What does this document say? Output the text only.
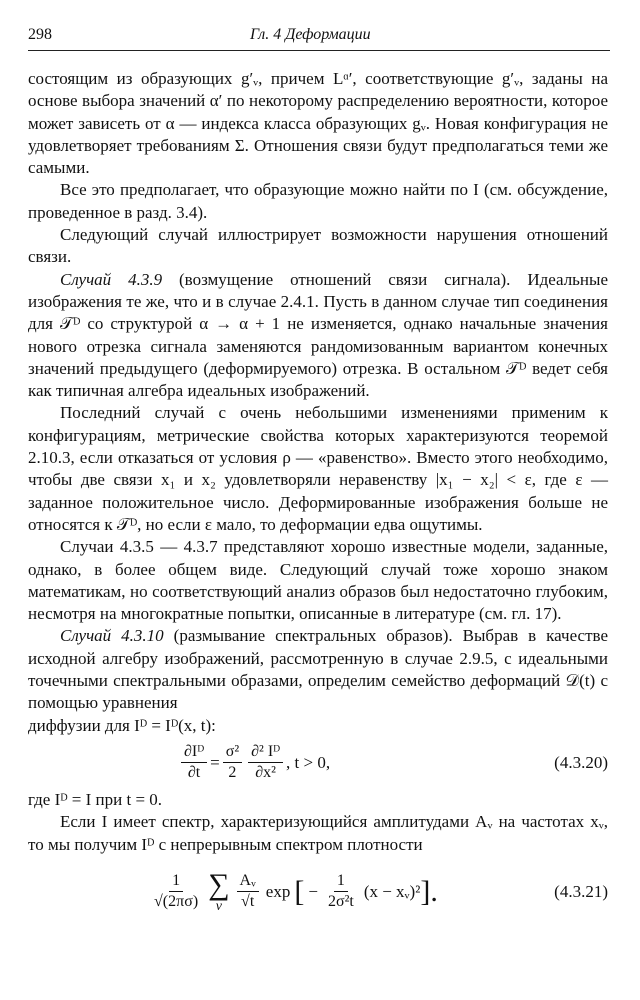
298	Гл. 4 Деформации

состоящим из образующих g′ᵥ, причем Lᵅ′, соответствующие g′ᵥ, заданы на основе выбора значений α′ по некоторому распределению вероятности, которое может зависеть от α — индекса класса образующих gᵥ. Новая конфигурация не удовлетворяет требованиям Σ. Отношения связи будут предполагаться теми же самыми.

Все это предполагает, что образующие можно найти по I (см. обсуждение, проведенное в разд. 3.4).

Следующий случай иллюстрирует возможности нарушения отношений связи.

Случай 4.3.9 (возмущение отношений связи сигнала). Идеальные изображения те же, что и в случае 2.4.1. Пусть в данном случае тип соединения для 𝒯ᴰ со структурой α → α + 1 не изменяется, однако начальные значения нового отрезка сигнала заменяются рандомизованным вариантом конечных значений предыдущего (деформируемого) отрезка. В остальном 𝒯ᴰ ведет себя как типичная алгебра идеальных изображений.

Последний случай с очень небольшими изменениями применим к конфигурациям, метрические свойства которых характеризуются теоремой 2.10.3, если отказаться от условия ρ — «равенство». Вместо этого необходимо, чтобы две связи x₁ и x₂ удовлетворяли неравенству |x₁ − x₂| < ε, где ε — заданное положительное число. Деформированные изображения больше не относятся к 𝒯ᴰ, но если ε мало, то деформации едва ощутимы.

Случаи 4.3.5 — 4.3.7 представляют хорошо известные модели, заданные, однако, в более общем виде. Следующий случай тоже хорошо знаком математикам, но соответствующий анализ образов был недостаточно глубоким, несмотря на многократные попытки, описанные в литературе (см. гл. 17).

Случай 4.3.10 (размывание спектральных образов). Выбрав в качестве исходной алгебру изображений, рассмотренную в случае 2.9.5, с идеальными точечными спектральными образами, определим семейство деформаций 𝒟(t) с помощью уравнения

диффузии для Iᴰ = Iᴰ(x, t):

$\frac{\text{∂Iᴰ}}{\partial t} = \frac{\text{σ²}}{2} \frac{\text{∂² Iᴰ}}{\text{∂x²}}$ , t > 0,	(4.3.20)

где Iᴰ = I при t = 0.

Если I имеет спектр, характеризующийся амплитудами Aᵥ на частотах xᵥ, то мы получим Iᴰ с непрерывным спектром плотности

$\frac{1}{√(2\pi\sigma)}$ ∑
ν $\frac{\text{Aᵥ}}{√t}$ exp [ − $\frac{1}{\text{2σ²t}} (x$ − xᵥ)² ].	(4.3.21)
